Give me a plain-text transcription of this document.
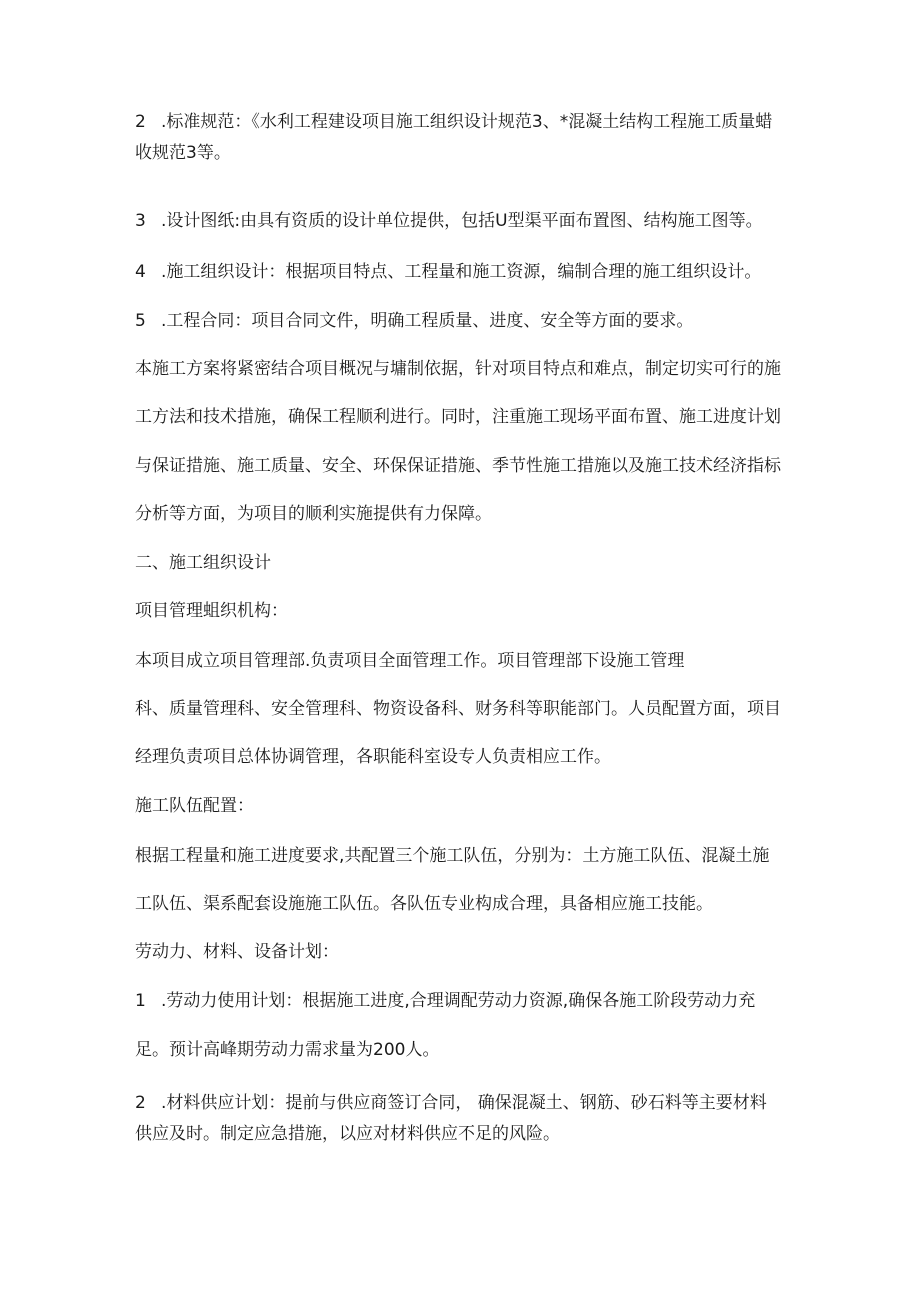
2 .标准规范：《水利工程建设项目施工组织设计规范3、*混凝土结构工程施工质量蜡

收规范3等。

3 .设计图纸:由具有资质的设计单位提供，包括U型渠平面布置图、结构施工图等。

4 .施工组织设计：根据项目特点、工程量和施工资源，编制合理的施工组织设计。

5 .工程合同：项目合同文件，明确工程质量、进度、安全等方面的要求。

本施工方案将紧密结合项目概况与墉制依据，针对项目特点和难点，制定切实可行的施

工方法和技术措施，确保工程顺利进行。同时，注重施工现场平面布置、施工进度计划

与保证措施、施工质量、安全、环保保证措施、季节性施工措施以及施工技术经济指标

分析等方面，为项目的顺利实施提供有力保障。

二、施工组织设计

项目管理蛆织机构：

本项目成立项目管理部.负责项目全面管理工作。项目管理部下设施工管理

科、质量管理科、安全管理科、物资设备科、财务科等职能部门。人员配置方面，项目

经理负责项目总体协调管理，各职能科室设专人负责相应工作。

施工队伍配置：

根据工程量和施工进度要求,共配置三个施工队伍，分别为：土方施工队伍、混凝土施

工队伍、渠系配套设施施工队伍。各队伍专业构成合理，具备相应施工技能。

劳动力、材料、设备计划：

1 .劳动力使用计划：根据施工进度,合理调配劳动力资源,确保各施工阶段劳动力充

足。预计高峰期劳动力需求量为200人。

2 .材料供应计划：提前与供应商签订合同， 确保混凝土、钢筋、砂石料等主要材料

供应及时。制定应急措施，以应对材料供应不足的风险。
